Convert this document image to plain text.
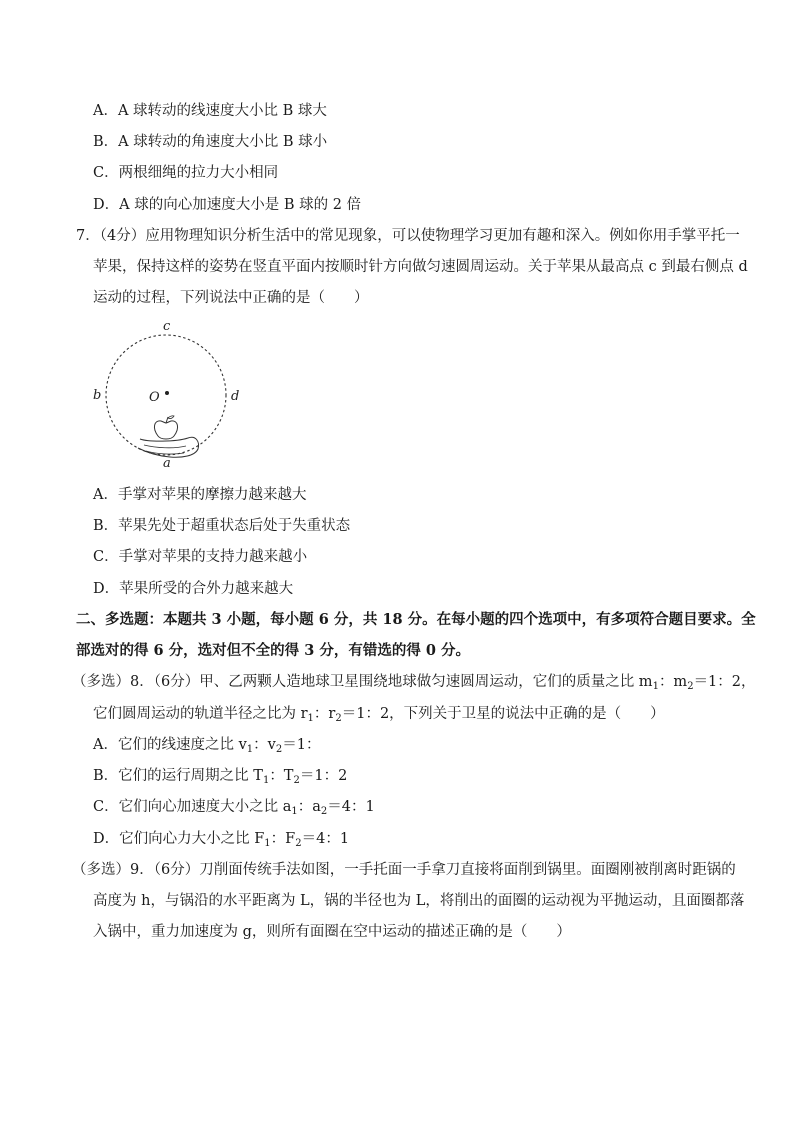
A．A 球转动的线速度大小比 B 球大
B．A 球转动的角速度大小比 B 球小
C．两根细绳的拉力大小相同
D．A 球的向心加速度大小是 B 球的 2 倍
7．（4分）应用物理知识分析生活中的常见现象，可以使物理学习更加有趣和深入。例如你用手掌平托一
苹果，保持这样的姿势在竖直平面内按顺时针方向做匀速圆周运动。关于苹果从最高点 c 到最右侧点 d
运动的过程，下列说法中正确的是（　　）
c
b	O	d
a
A．手掌对苹果的摩擦力越来越大
B．苹果先处于超重状态后处于失重状态
C．手掌对苹果的支持力越来越小
D．苹果所受的合外力越来越大
二、多选题：本题共 3 小题，每小题 6 分，共 18 分。在每小题的四个选项中，有多项符合题目要求。全
部选对的得 6 分，选对但不全的得 3 分，有错选的得 0 分。
（多选）8．（6分）甲、乙两颗人造地球卫星围绕地球做匀速圆周运动，它们的质量之比 $m_1$：$m_2=1$：2，
它们圆周运动的轨道半径之比为 $r_1$：$r_2=1$：2，下列关于卫星的说法中正确的是（　　）
A．它们的线速度之比 $v_1$：$v_2=1$：
B．它们的运行周期之比 $T_1$：$T_2=1$：2
C．它们向心加速度大小之比 $a_1$：$a_2=4$：1
D．它们向心力大小之比 $F_1$：$F_2=4$：1
（多选）9．（6分）刀削面传统手法如图，一手托面一手拿刀直接将面削到锅里。面圈刚被削离时距锅的
高度为 h，与锅沿的水平距离为 L，锅的半径也为 L，将削出的面圈的运动视为平抛运动，且面圈都落
入锅中，重力加速度为 g，则所有面圈在空中运动的描述正确的是（　　）
